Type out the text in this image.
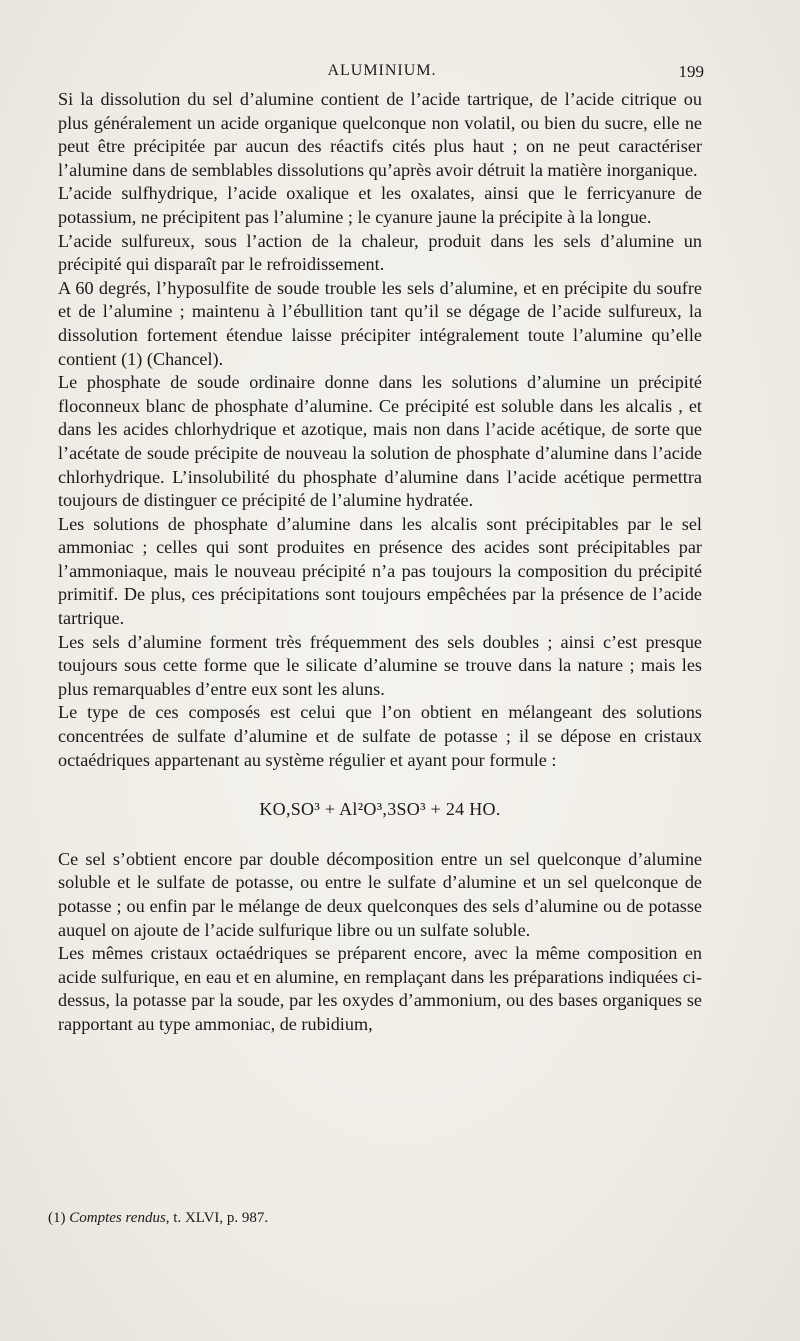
ALUMINIUM.	199

Si la dissolution du sel d’alumine contient de l’acide tartrique, de l’acide citrique ou plus généralement un acide organique quelconque non volatil, ou bien du sucre, elle ne peut être précipitée par aucun des réactifs cités plus haut ; on ne peut caractériser l’alumine dans de semblables dissolutions qu’après avoir détruit la matière inorganique.

L’acide sulfhydrique, l’acide oxalique et les oxalates, ainsi que le ferricyanure de potassium, ne précipitent pas l’alumine ; le cyanure jaune la précipite à la longue.

L’acide sulfureux, sous l’action de la chaleur, produit dans les sels d’alumine un précipité qui disparaît par le refroidissement.

A 60 degrés, l’hyposulfite de soude trouble les sels d’alumine, et en précipite du soufre et de l’alumine ; maintenu à l’ébullition tant qu’il se dégage de l’acide sulfureux, la dissolution fortement étendue laisse précipiter intégralement toute l’alumine qu’elle contient (1) (Chancel).

Le phosphate de soude ordinaire donne dans les solutions d’alumine un précipité floconneux blanc de phosphate d’alumine. Ce précipité est soluble dans les alcalis , et dans les acides chlorhydrique et azotique, mais non dans l’acide acétique, de sorte que l’acétate de soude précipite de nouveau la solution de phosphate d’alumine dans l’acide chlorhydrique. L’insolubilité du phosphate d’alumine dans l’acide acétique permettra toujours de distinguer ce précipité de l’alumine hydratée.

Les solutions de phosphate d’alumine dans les alcalis sont précipitables par le sel ammoniac ; celles qui sont produites en présence des acides sont précipitables par l’ammoniaque, mais le nouveau précipité n’a pas toujours la composition du précipité primitif. De plus, ces précipitations sont toujours empêchées par la présence de l’acide tartrique.

Les sels d’alumine forment très fréquemment des sels doubles ; ainsi c’est presque toujours sous cette forme que le silicate d’alumine se trouve dans la nature ; mais les plus remarquables d’entre eux sont les aluns.

Le type de ces composés est celui que l’on obtient en mélangeant des solutions concentrées de sulfate d’alumine et de sulfate de potasse ; il se dépose en cristaux octaédriques appartenant au système régulier et ayant pour formule :

KO,SO³ + Al²O³,3SO³ + 24 HO.

Ce sel s’obtient encore par double décomposition entre un sel quelconque d’alumine soluble et le sulfate de potasse, ou entre le sulfate d’alumine et un sel quelconque de potasse ; ou enfin par le mélange de deux quelconques des sels d’alumine ou de potasse auquel on ajoute de l’acide sulfurique libre ou un sulfate soluble.

Les mêmes cristaux octaédriques se préparent encore, avec la même composition en acide sulfurique, en eau et en alumine, en remplaçant dans les préparations indiquées ci-dessus, la potasse par la soude, par les oxydes d’ammonium, ou des bases organiques se rapportant au type ammoniac, de rubidium,

(1) Comptes rendus, t. XLVI, p. 987.
